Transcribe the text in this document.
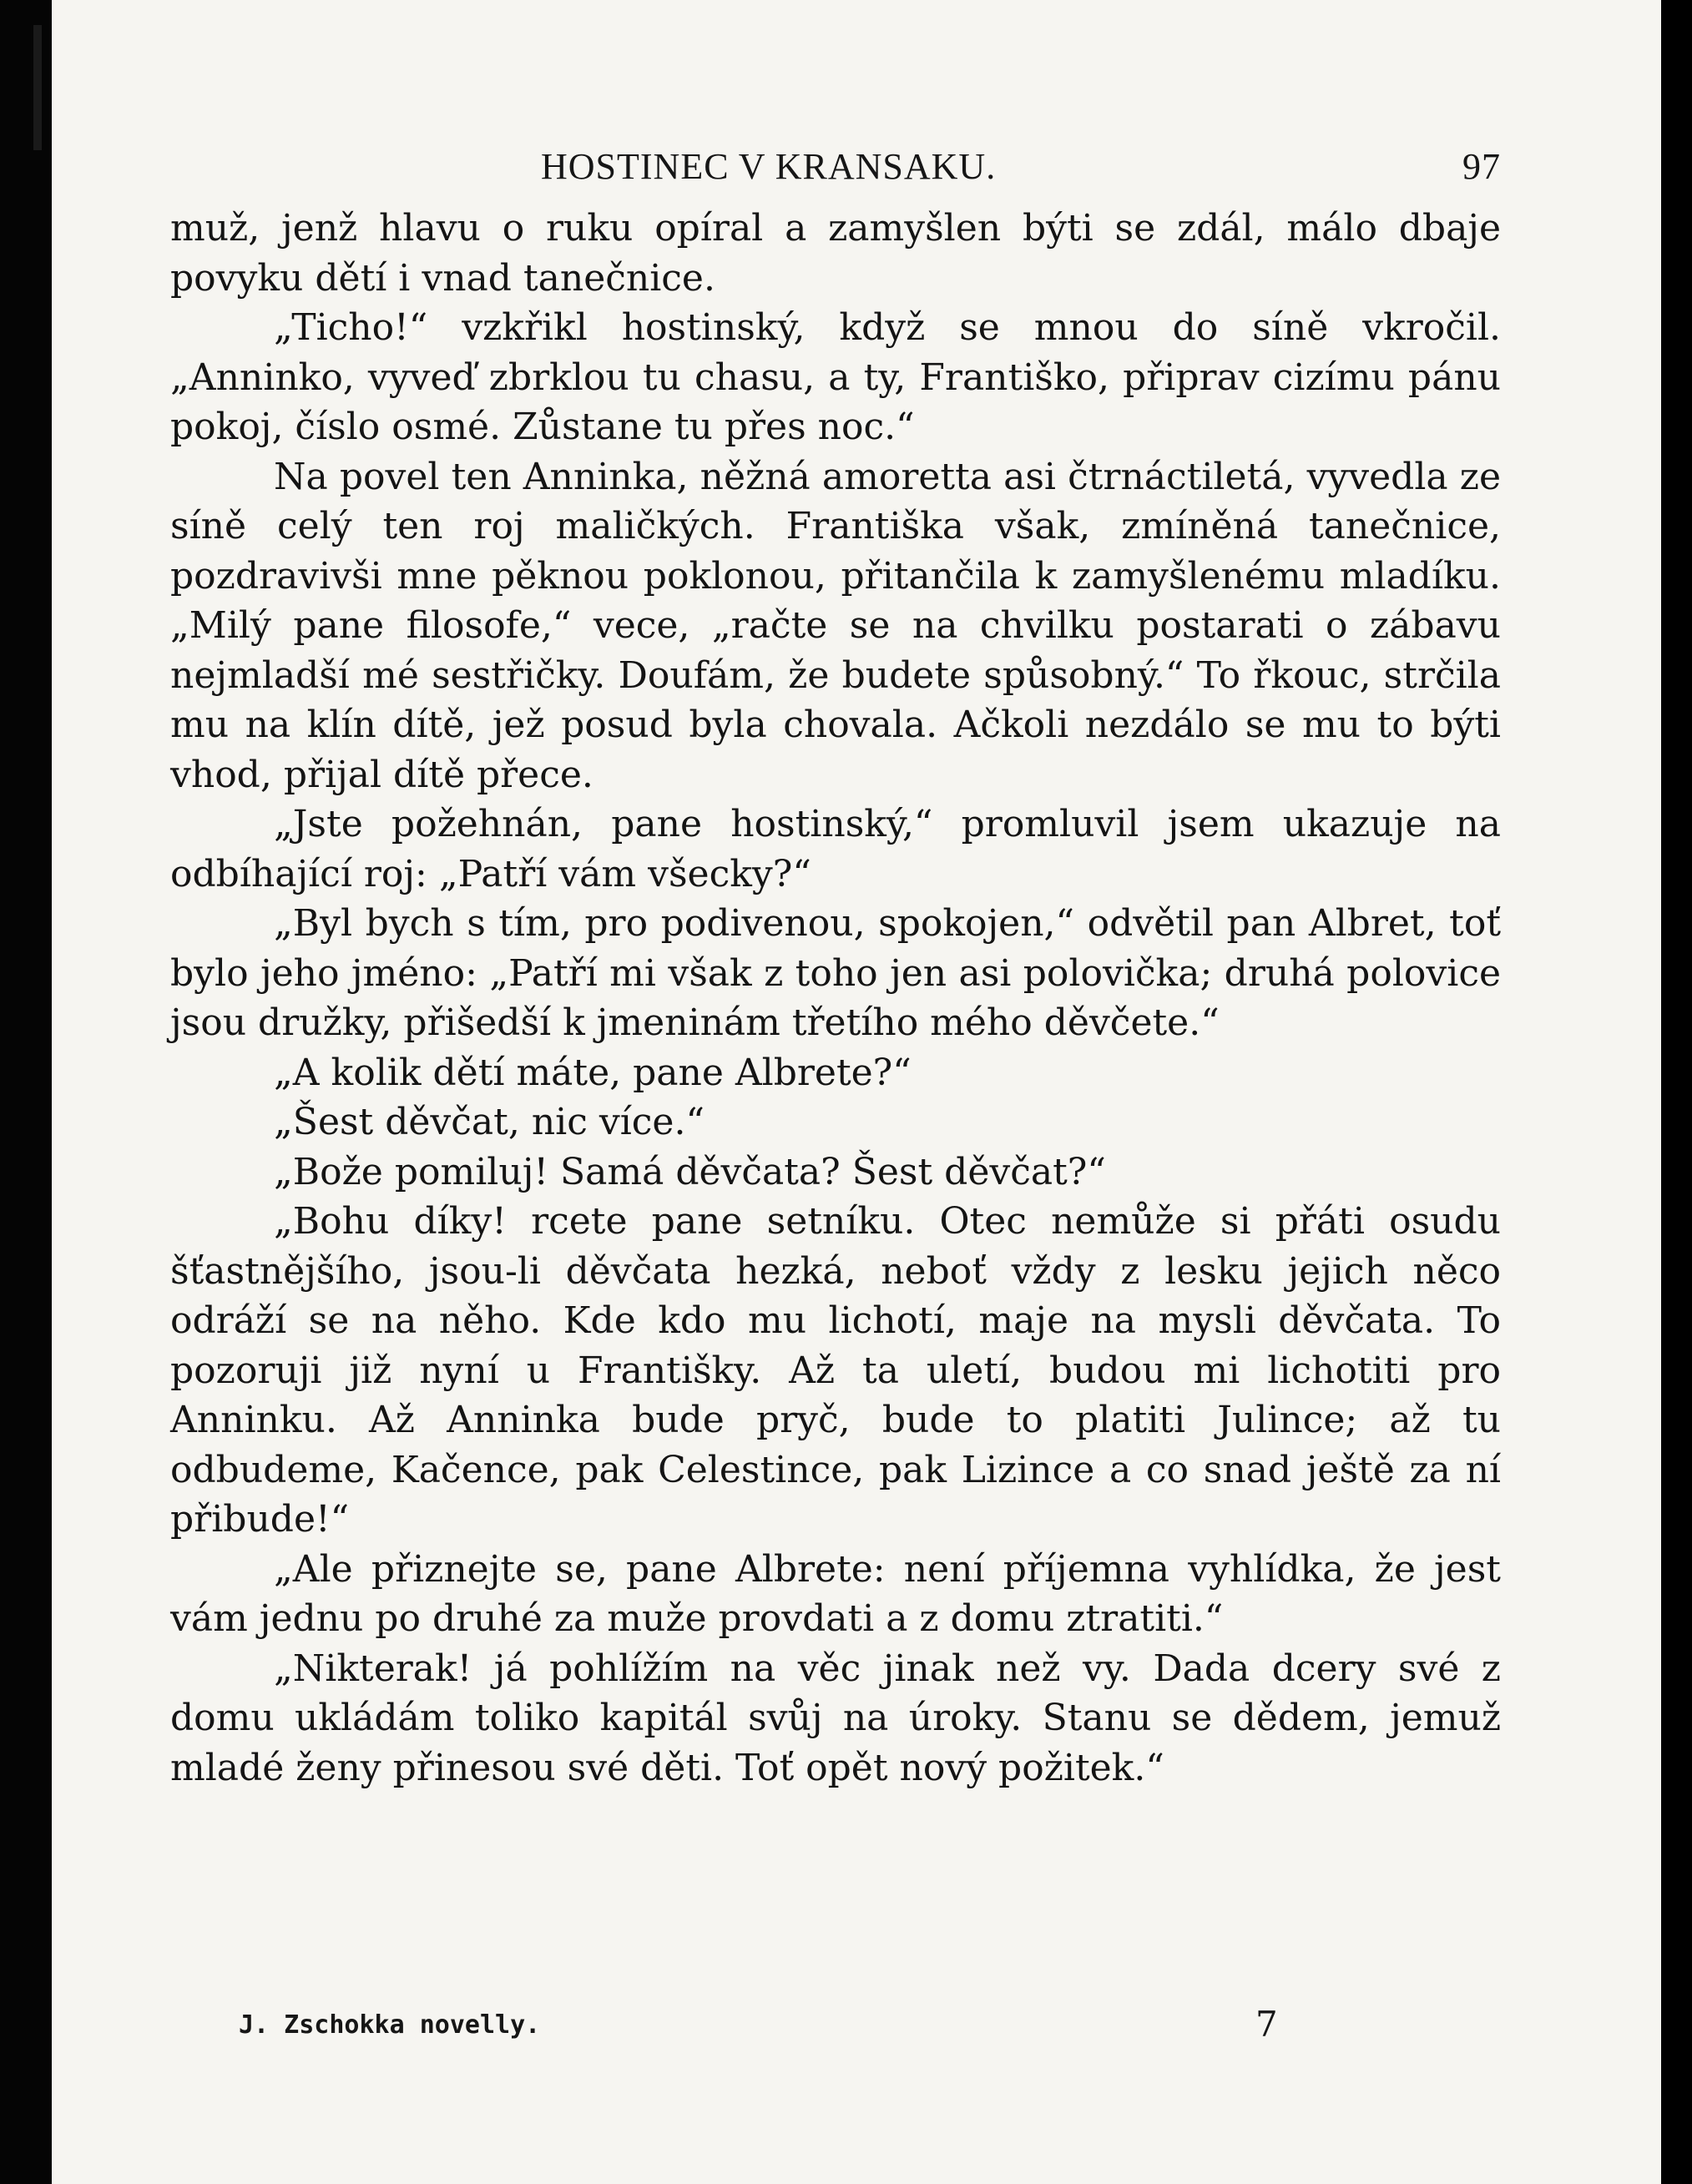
HOSTINEC V KRANSAKU.	97

muž, jenž hlavu o ruku opíral a zamyšlen býti se zdál, málo dbaje povyku dětí i vnad tanečnice.

„Ticho!“ vzkřikl hostinský, když se mnou do síně vkročil. „Anninko, vyveď zbrklou tu chasu, a ty, Františko, připrav cizímu pánu pokoj, číslo osmé. Zůstane tu přes noc.“

Na povel ten Anninka, něžná amoretta asi čtrnáctiletá, vyvedla ze síně celý ten roj maličkých. Františka však, zmíněná tanečnice, pozdravivši mne pěknou poklonou, přitančila k zamyšlenému mladíku. „Milý pane filosofe,“ vece, „račte se na chvilku postarati o zábavu nejmladší mé sestřičky. Doufám, že budete spůsobný.“ To řkouc, strčila mu na klín dítě, jež posud byla chovala. Ačkoli nezdálo se mu to býti vhod, přijal dítě přece.

„Jste požehnán, pane hostinský,“ promluvil jsem ukazuje na odbíhající roj: „Patří vám všecky?“

„Byl bych s tím, pro podivenou, spokojen,“ odvětil pan Albret, toť bylo jeho jméno: „Patří mi však z toho jen asi polovička; druhá polovice jsou družky, přišedší k jmeninám třetího mého děvčete.“

„A kolik dětí máte, pane Albrete?“

„Šest děvčat, nic více.“

„Bože pomiluj! Samá děvčata? Šest děvčat?“

„Bohu díky! rcete pane setníku. Otec nemůže si přáti osudu šťastnějšího, jsou-li děvčata hezká, neboť vždy z lesku jejich něco odráží se na něho. Kde kdo mu lichotí, maje na mysli děvčata. To pozoruji již nyní u Františky. Až ta uletí, budou mi lichotiti pro Anninku. Až Anninka bude pryč, bude to platiti Julince; až tu odbudeme, Kačence, pak Celestince, pak Lizince a co snad ještě za ní přibude!“

„Ale přiznejte se, pane Albrete: není příjemna vyhlídka, že jest vám jednu po druhé za muže provdati a z domu ztratiti.“

„Nikterak! já pohlížím na věc jinak než vy. Dada dcery své z domu ukládám toliko kapitál svůj na úroky. Stanu se dědem, jemuž mladé ženy přinesou své děti. Toť opět nový požitek.“

J. Zschokka novelly.	7
